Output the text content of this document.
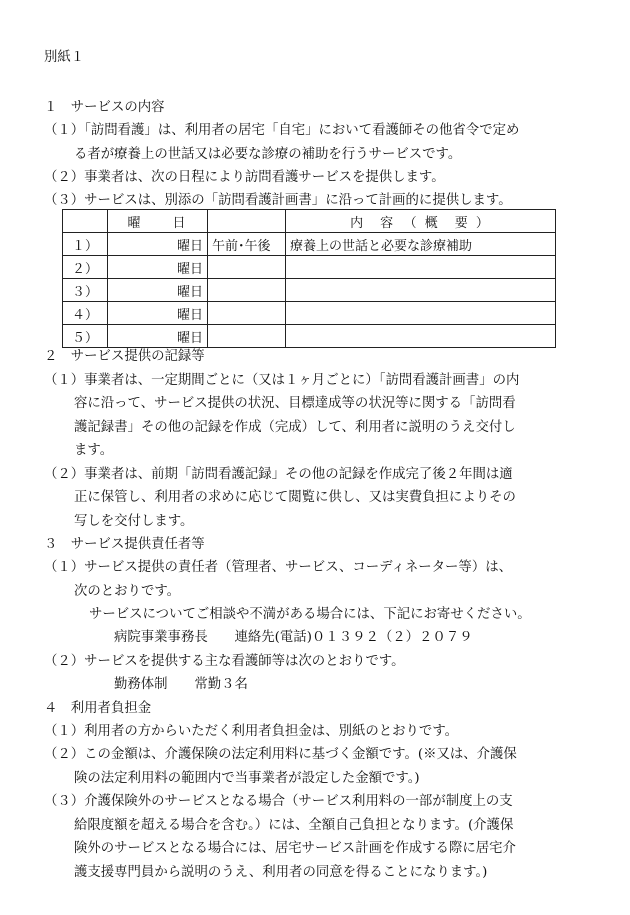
別紙１
１　サービスの内容
（１）「訪問看護」は、利用者の居宅「自宅」において看護師その他省令で定め
る者が療養上の世話又は必要な診療の補助を行うサービスです。
（２）事業者は、次の日程により訪問看護サービスを提供します。
（３）サービスは、別添の「訪問看護計画書」に沿って計画的に提供します。
	曜　　日		内　容　（ 概　要 ）
１）	曜日	午前･午後	療養上の世話と必要な診療補助
２）	曜日		
３）	曜日		
４）	曜日		
５）	曜日		
２　サービス提供の記録等
（１）事業者は、一定期間ごとに（又は１ヶ月ごとに）「訪問看護計画書」の内
容に沿って、サービス提供の状況、目標達成等の状況等に関する「訪問看
護記録書」その他の記録を作成（完成）して、利用者に説明のうえ交付し
ます。
（２）事業者は、前期「訪問看護記録」その他の記録を作成完了後２年間は適
正に保管し、利用者の求めに応じて閲覧に供し、又は実費負担によりその
写しを交付します。
３　サービス提供責任者等
（１）サービス提供の責任者（管理者、サービス、コーディネーター等）は、
次のとおりです。
サービスについてご相談や不満がある場合には、下記にお寄せください。
病院事業事務長　　連絡先(電話)０１３９２（２）２０７９
（２）サービスを提供する主な看護師等は次のとおりです。
勤務体制　　常勤３名
４　利用者負担金
（１）利用者の方からいただく利用者負担金は、別紙のとおりです。
（２）この金額は、介護保険の法定利用料に基づく金額です。(※又は、介護保
険の法定利用料の範囲内で当事業者が設定した金額です。)
（３）介護保険外のサービスとなる場合（サービス利用料の一部が制度上の支
給限度額を超える場合を含む。）には、全額自己負担となります。(介護保
険外のサービスとなる場合には、居宅サービス計画を作成する際に居宅介
護支援専門員から説明のうえ、利用者の同意を得ることになります。)
